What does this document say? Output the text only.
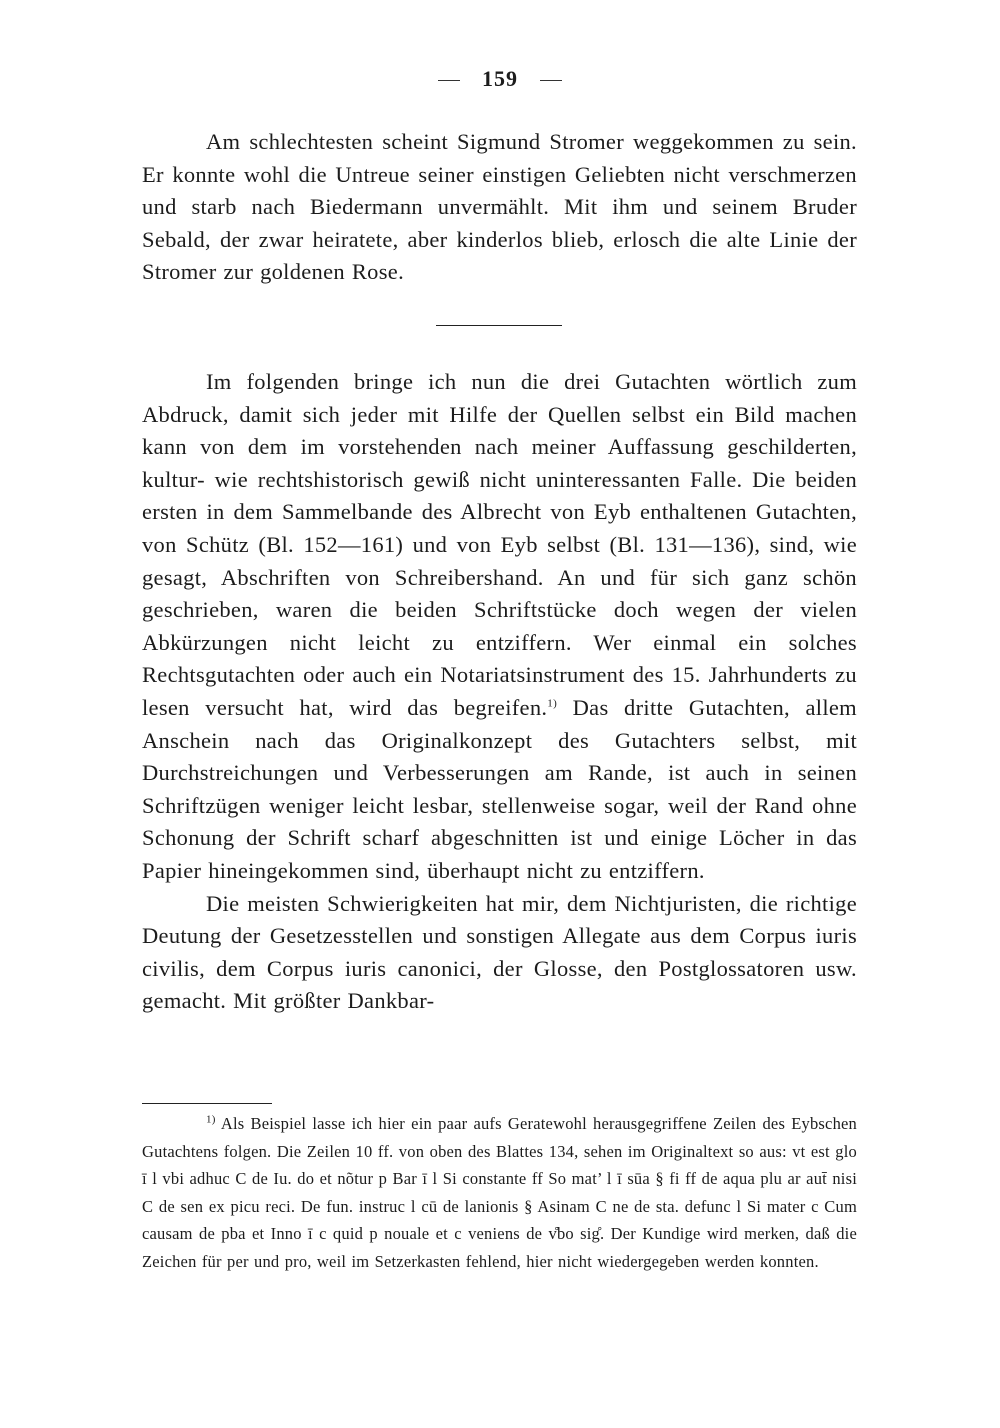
159

Am schlechtesten scheint Sigmund Stromer weggekommen zu sein. Er konnte wohl die Untreue seiner einstigen Geliebten nicht verschmerzen und starb nach Biedermann unvermählt. Mit ihm und seinem Bruder Sebald, der zwar heiratete, aber kinderlos blieb, erlosch die alte Linie der Stromer zur goldenen Rose.

Im folgenden bringe ich nun die drei Gutachten wörtlich zum Abdruck, damit sich jeder mit Hilfe der Quellen selbst ein Bild machen kann von dem im vorstehenden nach meiner Auffassung geschilderten, kultur- wie rechtshistorisch gewiß nicht uninteressanten Falle. Die beiden ersten in dem Sammelbande des Albrecht von Eyb enthaltenen Gutachten, von Schütz (Bl. 152—161) und von Eyb selbst (Bl. 131—136), sind, wie gesagt, Abschriften von Schreibershand. An und für sich ganz schön geschrieben, waren die beiden Schriftstücke doch wegen der vielen Abkürzungen nicht leicht zu entziffern. Wer einmal ein solches Rechtsgutachten oder auch ein Notariatsinstrument des 15. Jahrhunderts zu lesen versucht hat, wird das begreifen.$^{1)}$ Das dritte Gutachten, allem Anschein nach das Originalkonzept des Gutachters selbst, mit Durchstreichungen und Verbesserungen am Rande, ist auch in seinen Schriftzügen weniger leicht lesbar, stellenweise sogar, weil der Rand ohne Schonung der Schrift scharf abgeschnitten ist und einige Löcher in das Papier hineingekommen sind, überhaupt nicht zu entziffern.

Die meisten Schwierigkeiten hat mir, dem Nichtjuristen, die richtige Deutung der Gesetzesstellen und sonstigen Allegate aus dem Corpus iuris civilis, dem Corpus iuris canonici, der Glosse, den Postglossatoren usw. gemacht. Mit größter Dankbar-

$^{1)}$ Als Beispiel lasse ich hier ein paar aufs Geratewohl herausgegriffene Zeilen des Eybschen Gutachtens folgen. Die Zeilen 10 ff. von oben des Blattes 134, sehen im Originaltext so aus: vt est glo ī l vbi adhuc C de Iu. do et nõtur p Bar ī l Si constante ff So mat’ l ī sūa § fi ff de aqua plu ar aut̄ nisi C de sen ex picu reci. De fun. instruc l cū de lanionis § Asinam C ne de sta. defunc l Si mater c Cum causam de pba et Inno ī c quid p nouale et c veniens de v̊bo sig̊. Der Kundige wird merken, daß die Zeichen für per und pro, weil im Setzerkasten fehlend, hier nicht wiedergegeben werden konnten.
